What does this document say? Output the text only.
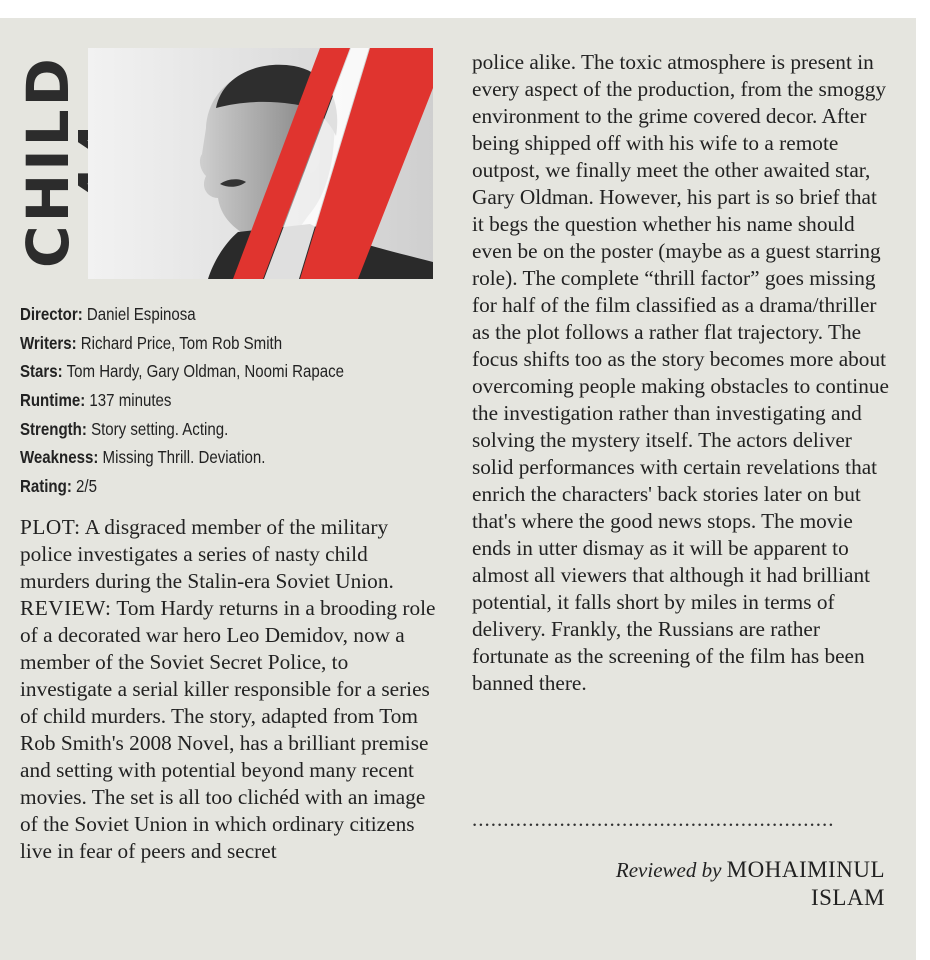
CHILD
Director: Daniel Espinosa
Writers: Richard Price, Tom Rob Smith
Stars: Tom Hardy, Gary Oldman, Noomi Rapace
Runtime: 137 minutes
Strength: Story setting. Acting.
Weakness: Missing Thrill. Deviation.
Rating: 2/5
PLOT: A disgraced member of the military police investigates a series of nasty child murders during the Stalin-era Soviet Union.
REVIEW: Tom Hardy returns in a brooding role of a decorated war hero Leo Demidov, now a member of the Soviet Secret Police, to investigate a serial killer responsible for a series of child murders. The story, adapted from Tom Rob Smith's 2008 Novel, has a brilliant premise and setting with potential beyond many recent movies. The set is all too clichéd with an image of the Soviet Union in which ordinary citizens live in fear of peers and secret
police alike. The toxic atmosphere is present in every aspect of the production, from the smoggy environment to the grime covered decor. After being shipped off with his wife to a remote outpost, we finally meet the other awaited star, Gary Oldman. However, his part is so brief that it begs the question whether his name should even be on the poster (maybe as a guest starring role). The complete “thrill factor” goes missing for half of the film classified as a drama/thriller as the plot follows a rather flat trajectory. The focus shifts too as the story becomes more about overcoming people making obstacles to continue the investigation rather than investigating and solving the mystery itself. The actors deliver solid performances with certain revelations that enrich the characters' back stories later on but that's where the good news stops. The movie ends in utter dismay as it will be apparent to almost all viewers that although it had brilliant potential, it falls short by miles in terms of delivery. Frankly, the Russians are rather fortunate as the screening of the film has been banned there.
..........................................................
Reviewed by MOHAIMINUL
ISLAM
